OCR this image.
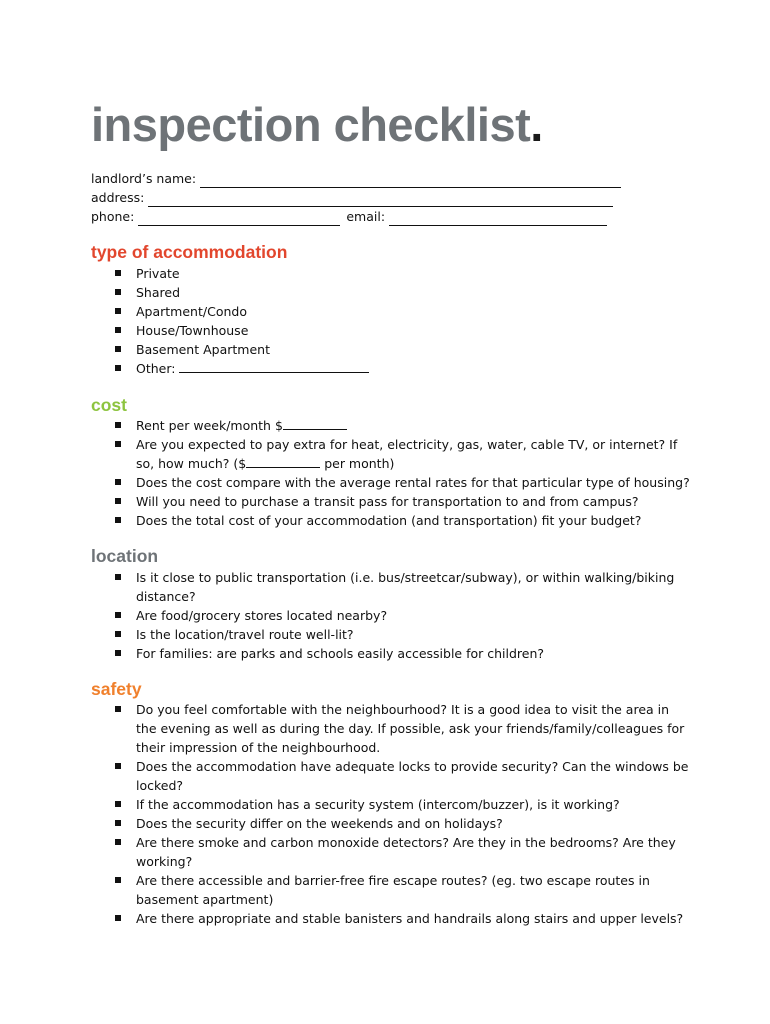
inspection checklist.
landlord’s name:
address:
phone:	email:
type of accommodation
Private
Shared
Apartment/Condo
House/Townhouse
Basement Apartment
Other:
cost
Rent per week/month $
Are you expected to pay extra for heat, electricity, gas, water, cable TV, or internet? If so, how much? ($	per month)
Does the cost compare with the average rental rates for that particular type of housing?
Will you need to purchase a transit pass for transportation to and from campus?
Does the total cost of your accommodation (and transportation) fit your budget?
location
Is it close to public transportation (i.e. bus/streetcar/subway), or within walking/biking distance?
Are food/grocery stores located nearby?
Is the location/travel route well-lit?
For families: are parks and schools easily accessible for children?
safety
Do you feel comfortable with the neighbourhood? It is a good idea to visit the area in the evening as well as during the day. If possible, ask your friends/family/colleagues for their impression of the neighbourhood.
Does the accommodation have adequate locks to provide security? Can the windows be locked?
If the accommodation has a security system (intercom/buzzer), is it working?
Does the security differ on the weekends and on holidays?
Are there smoke and carbon monoxide detectors? Are they in the bedrooms? Are they working?
Are there accessible and barrier-free fire escape routes? (eg. two escape routes in basement apartment)
Are there appropriate and stable banisters and handrails along stairs and upper levels?
